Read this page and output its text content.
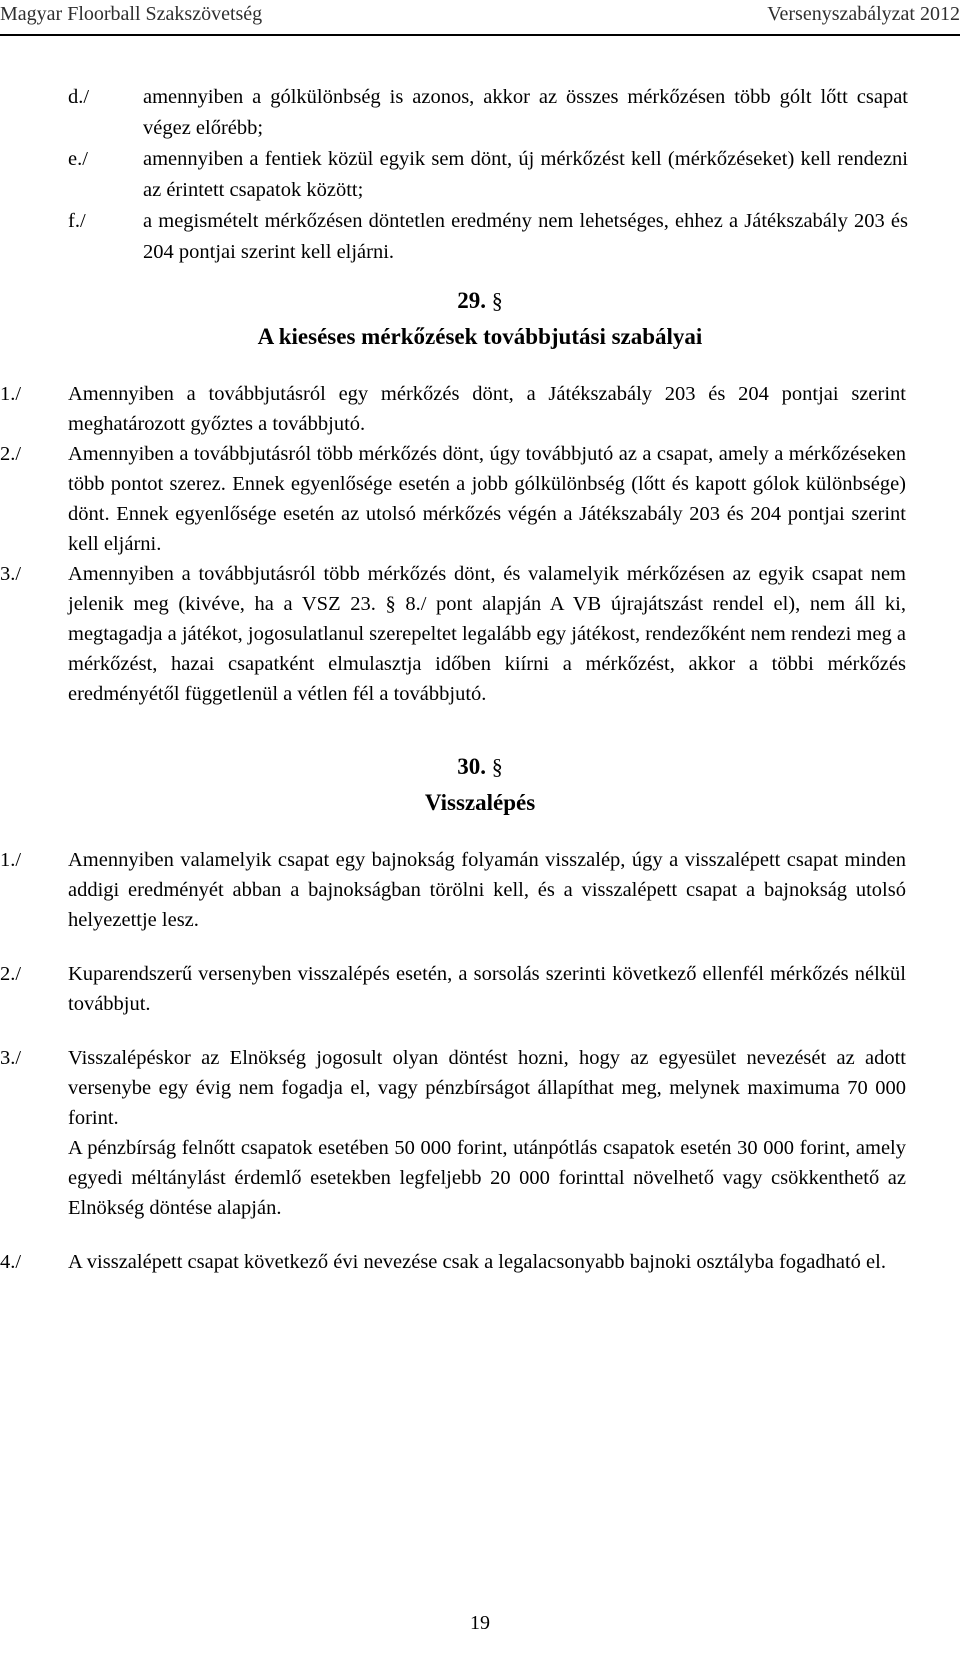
Magyar Floorball Szakszövetség	Versenyszabályzat 2012
d./	amennyiben a gólkülönbség is azonos, akkor az összes mérkőzésen több gólt lőtt csapat végez előrébb;
e./	amennyiben a fentiek közül egyik sem dönt, új mérkőzést kell (mérkőzéseket) kell rendezni az érintett csapatok között;
f./	a megismételt mérkőzésen döntetlen eredmény nem lehetséges, ehhez a Játékszabály 203 és 204 pontjai szerint kell eljárni.
29. §
A kieséses mérkőzések továbbjutási szabályai
1./ Amennyiben a továbbjutásról egy mérkőzés dönt, a Játékszabály 203 és 204 pontjai szerint meghatározott győztes a továbbjutó.
2./ Amennyiben a továbbjutásról több mérkőzés dönt, úgy továbbjutó az a csapat, amely a mérkőzéseken több pontot szerez. Ennek egyenlősége esetén a jobb gólkülönbség (lőtt és kapott gólok különbsége) dönt. Ennek egyenlősége esetén az utolsó mérkőzés végén a Játékszabály 203 és 204 pontjai szerint kell eljárni.
3./ Amennyiben a továbbjutásról több mérkőzés dönt, és valamelyik mérkőzésen az egyik csapat nem jelenik meg (kivéve, ha a VSZ 23. § 8./ pont alapján A VB újrajátszást rendel el), nem áll ki, megtagadja a játékot, jogosulatlanul szerepeltet legalább egy játékost, rendezőként nem rendezi meg a mérkőzést, hazai csapatként elmulasztja időben kiírni a mérkőzést, akkor a többi mérkőzés eredményétől függetlenül a vétlen fél a továbbjutó.
30. §
Visszalépés
1./ Amennyiben valamelyik csapat egy bajnokság folyamán visszalép, úgy a visszalépett csapat minden addigi eredményét abban a bajnokságban törölni kell, és a visszalépett csapat a bajnokság utolsó helyezettje lesz.
2./ Kuparendszerű versenyben visszalépés esetén, a sorsolás szerinti következő ellenfél mérkőzés nélkül továbbjut.
3./ Visszalépéskor az Elnökség jogosult olyan döntést hozni, hogy az egyesület nevezését az adott versenybe egy évig nem fogadja el, vagy pénzbírságot állapíthat meg, melynek maximuma 70 000 forint.
A pénzbírság felnőtt csapatok esetében 50 000 forint, utánpótlás csapatok esetén 30 000 forint, amely egyedi méltánylást érdemlő esetekben legfeljebb 20 000 forinttal növelhető vagy csökkenthető az Elnökség döntése alapján.
4./ A visszalépett csapat következő évi nevezése csak a legalacsonyabb bajnoki osztályba fogadható el.
19
